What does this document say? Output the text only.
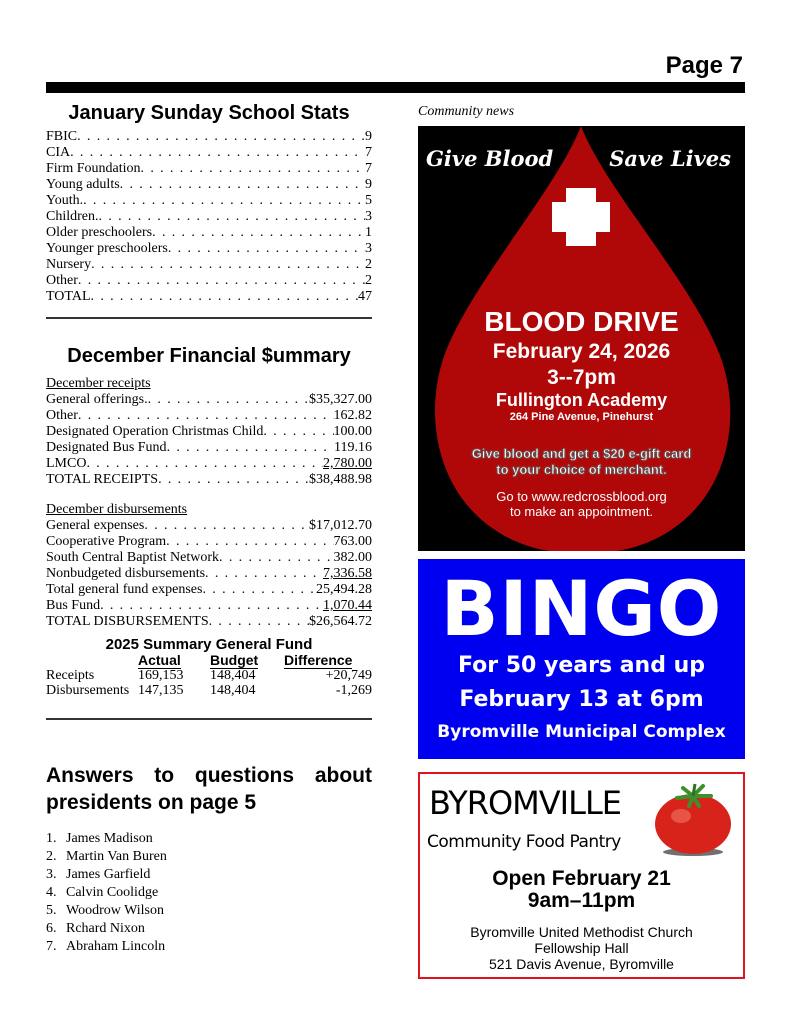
Page 7
January Sunday School Stats
FBIC . . .	9
CIA . . .	7
Firm Foundation . . .	7
Young adults . . .	9
Youth. . . .	5
Children. . . .	3
Older preschoolers . . .	1
Younger preschoolers . . .	3
Nursery . . .	2
Other . . .	2
TOTAL . . .	47
December Financial $ummary
December receipts
General offerings. . . .	$35,327.00
Other . . .	162.82
Designated Operation Christmas Child . . .	100.00
Designated Bus Fund . . .	119.16
LMCO . . .	2,780.00
TOTAL RECEIPTS . . .	$38,488.98
December disbursements
General expenses . . .	$17,012.70
Cooperative Program . . .	763.00
South Central Baptist Network . . .	382.00
Nonbudgeted disbursements . . .	7,336.58
Total general fund expenses . . .	25,494.28
Bus Fund . . .	1,070.44
TOTAL DISBURSEMENTS . . .	$26,564.72
2025 Summary General Fund
	Actual	Budget	Difference
Receipts	169,153	148,404	+20,749
Disbursements	147,135	148,404	-1,269
Answers to questions about presidents on page 5
1. James Madison
2. Martin Van Buren
3. James Garfield
4. Calvin Coolidge
5. Woodrow Wilson
6. Rchard Nixon
7. Abraham Lincoln
Community news
Give Blood	Save Lives
BLOOD DRIVE
February 24, 2026
3--7pm
Fullington Academy
264 Pine Avenue, Pinehurst
Give blood and get a $20 e-gift card
to your choice of merchant.
Go to www.redcrossblood.org
to make an appointment.
BINGO
For 50 years and up
February 13 at 6pm
Byromville Municipal Complex
BYROMVILLE
Community Food Pantry
Open February 21
9am–11pm
Byromville United Methodist Church
Fellowship Hall
521 Davis Avenue, Byromville
